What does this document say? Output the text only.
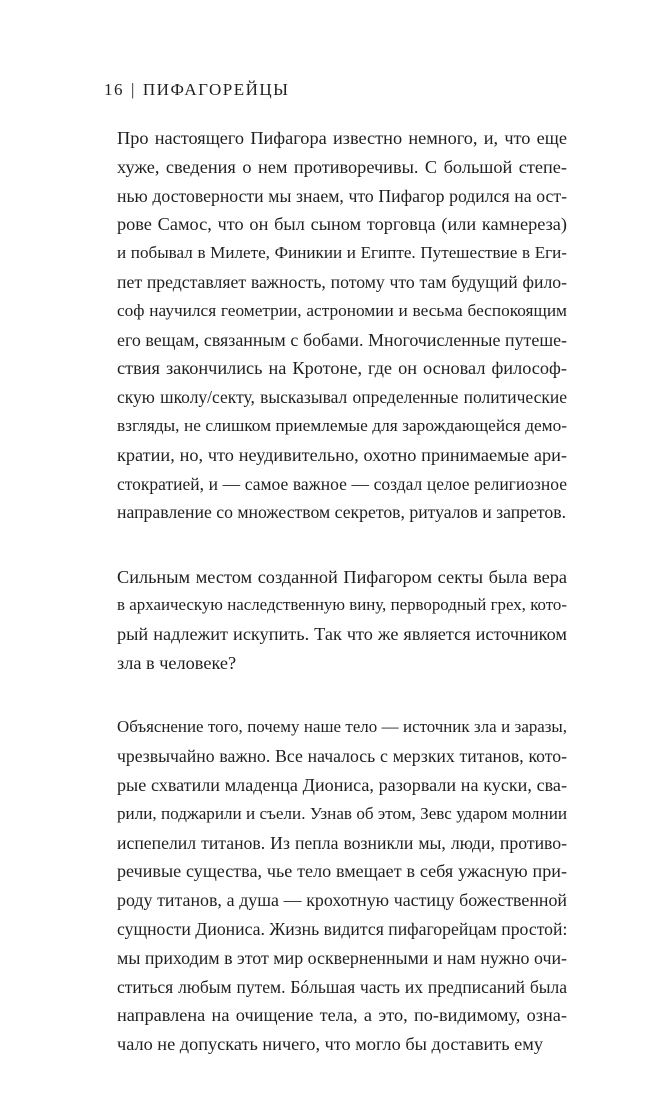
16 | ПИФАГОРЕЙЦЫ
Про настоящего Пифагора известно немного, и, что еще
хуже, сведения о нем противоречивы. С большой степе-
нью достоверности мы знаем, что Пифагор родился на ост-
рове Самос, что он был сыном торговца (или камнереза)
и побывал в Милете, Финикии и Египте. Путешествие в Еги-
пет представляет важность, потому что там будущий фило-
соф научился геометрии, астрономии и весьма беспокоящим
его вещам, связанным с бобами. Многочисленные путеше-
ствия закончились на Кротоне, где он основал философ-
скую школу/секту, высказывал определенные политические
взгляды, не слишком приемлемые для зарождающейся демо-
кратии, но, что неудивительно, охотно принимаемые ари-
стократией, и — самое важное — создал целое религиозное
направление со множеством секретов, ритуалов и запретов.
Сильным местом созданной Пифагором секты была вера
в архаическую наследственную вину, первородный грех, кото-
рый надлежит искупить. Так что же является источником
зла в человеке?
Объяснение того, почему наше тело — источник зла и заразы,
чрезвычайно важно. Все началось с мерзких титанов, кото-
рые схватили младенца Диониса, разорвали на куски, сва-
рили, поджарили и съели. Узнав об этом, Зевс ударом молнии
испепелил титанов. Из пепла возникли мы, люди, противо-
речивые существа, чье тело вмещает в себя ужасную при-
роду титанов, а душа — крохотную частицу божественной
сущности Диониса. Жизнь видится пифагорейцам простой:
мы приходим в этот мир оскверненными и нам нужно очи-
ститься любым путем. Бóльшая часть их предписаний была
направлена на очищение тела, а это, по-видимому, озна-
чало не допускать ничего, что могло бы доставить ему
